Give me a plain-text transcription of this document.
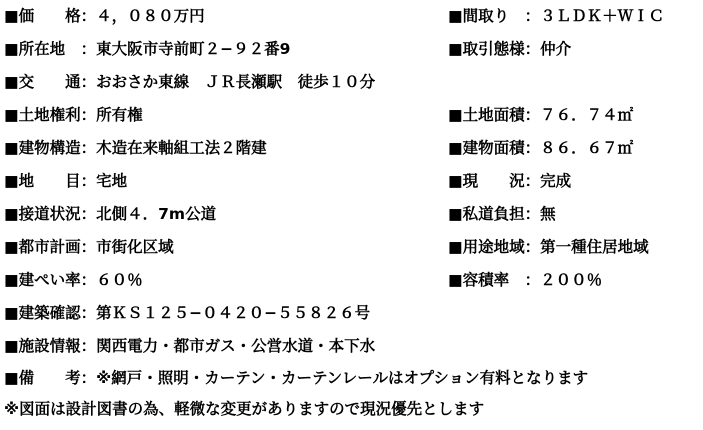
■価　　格：４，０８０万円	■間取り　：３ＬＤＫ＋ＷＩＣ
■所在地　：東大阪市寺前町２−９２番9	■取引態様：仲介
■交　　通：おおさか東線　ＪＲ長瀬駅　徒歩１０分
■土地権利：所有権	■土地面積：７６．７４㎡
■建物構造：木造在来軸組工法２階建	■建物面積：８６．６７㎡
■地　　目：宅地	■現　　況：完成
■接道状況：北側４．7m公道	■私道負担：無
■都市計画：市街化区域	■用途地域：第一種住居地域
■建ぺい率：６０％	■容積率　：２００％
■建築確認：第ＫＳ１２５−０４２０−５５８２６号
■施設情報：関西電力・都市ガス・公営水道・本下水
■備　　考：※網戸・照明・カーテン・カーテンレールはオプション有料となります
※図面は設計図書の為、軽微な変更がありますので現況優先とします
